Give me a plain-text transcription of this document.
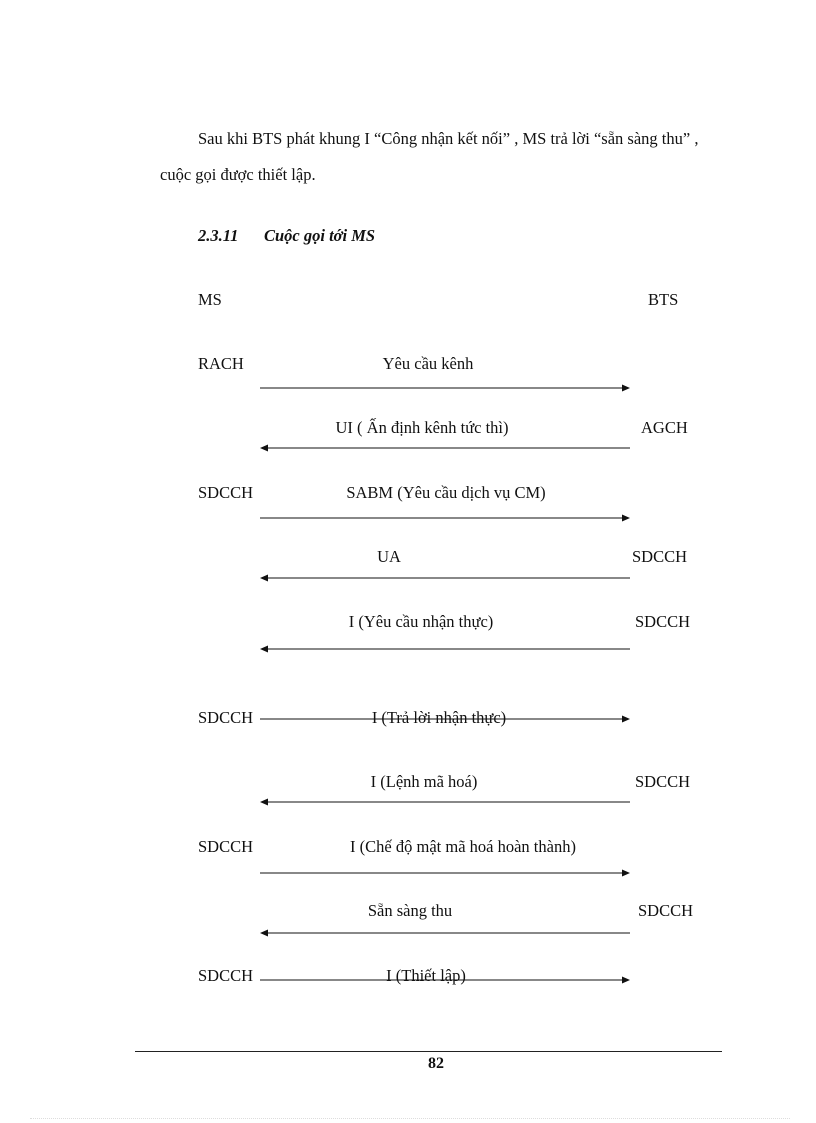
Sau khi BTS phát khung I “Công nhận kết nối” , MS trả lời “sẵn sàng thu” , cuộc gọi được thiết lập.
2.3.11 Cuộc gọi tới MS
MS	BTS
RACH	Yêu cầu kênh
UI ( Ấn định kênh tức thì)	AGCH
SDCCH	SABM (Yêu cầu dịch vụ CM)
UA	SDCCH
I (Yêu cầu nhận thực)	SDCCH
SDCCH	I (Trả lời nhận thực)
I (Lệnh mã hoá)	SDCCH
SDCCH	I (Chế độ mật mã hoá hoàn thành)
Sẵn sàng thu	SDCCH
SDCCH	I (Thiết lập)
82
